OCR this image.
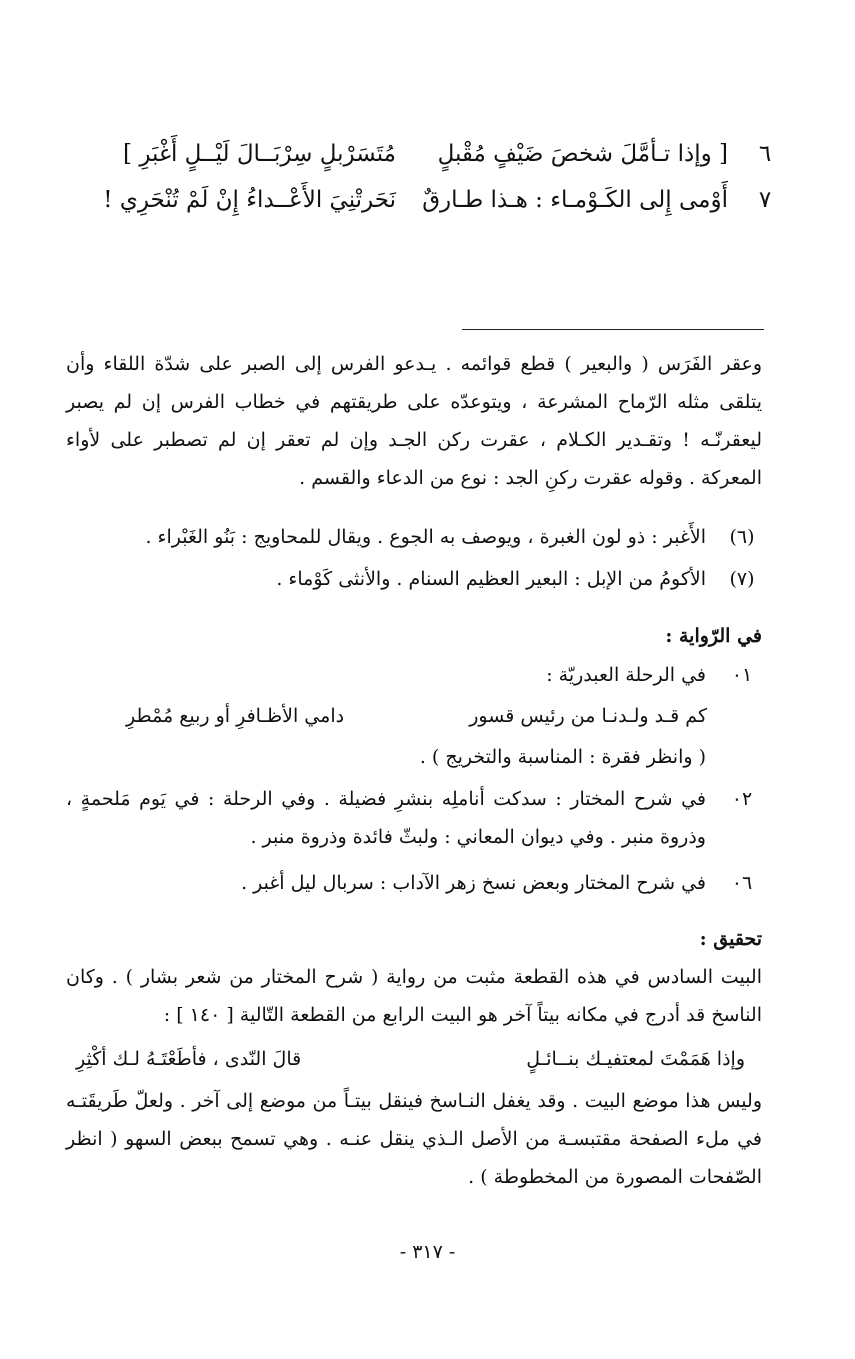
٦
[ وإذا تـأمَّلَ شخصَ ضَيْفٍ مُقْبلٍ
مُتَسَرْبلٍ سِرْبَــالَ لَيْــلٍ أَغْبَرِ ]
٧
أَوْمى إِلى الكَـوْمـاء : هـذا طـارقٌ
نَحَرتْنِيَ الأَعْــداءُ إِنْ لَمْ تُنْحَرِي !
وعقر الفَرَس ( والبعير ) قطع قوائمه . يـدعو الفرس إلى الصبر على شدّة اللقاء وأن يتلقى مثله الرّماح المشرعة ، ويتوعدّه على طريقتهم في خطاب الفرس إن لم يصبر ليعقرنّـه ! وتقـدير الكـلام ، عقرت ركن الجـد وإن لم تعقر إن لم تصطبر على لأواء المعركة . وقوله عقرت ركنِ الجد : نوع من الدعاء والقسم .
(٦)
الأَغبر : ذو لون الغبرة ، ويوصف به الجوع . ويقال للمحاويج : بَنُو الغَبْراء .
(٧)
الأكومُ من الإبل : البعير العظيم السنام . والأنثى كَوْماء .
في الرّواية :
٠١
في الرحلة العبدريّة :
كم قـد ولـدنـا من رئيس قسور
دامي الأظـافرِ أو ربيع مُمْطرِ
( وانظر فقرة : المناسبة والتخريج ) .
٠٢
في شرح المختار : سدكت أناملِه بنشرِ فضيلة . وفي الرحلة : في يَوم مَلحمةٍ ، وذروة منبر . وفي ديوان المعاني : ولبثّ فائدة وذروة منبر .
٠٦
في شرح المختار وبعض نسخ زهر الآداب : سربال ليل أغبر .
تحقيق :
البيت السادس في هذه القطعة مثبت من رواية ( شرح المختار من شعر بشار ) . وكان الناسخ قد أدرج في مكانه بيتاً آخر هو البيت الرابع من القطعة التّالية [ ١٤٠ ] :
وإذا هَمَمْتَ لمعتفيـك بنــائـلٍ
قالَ النّدى ، فأطَعْتَـهُ لـك أكْثِرِ
وليس هذا موضع البيت . وقد يغفل النـاسخ فينقل بيتـاً من موضع إلى آخر . ولعلّ طَريقَتـه في ملء الصفحة مقتبسـة من الأصل الـذي ينقل عنـه . وهي تسمح ببعض السهو ( انظر الصّفحات المصورة من المخطوطة ) .
- ٣١٧ -
